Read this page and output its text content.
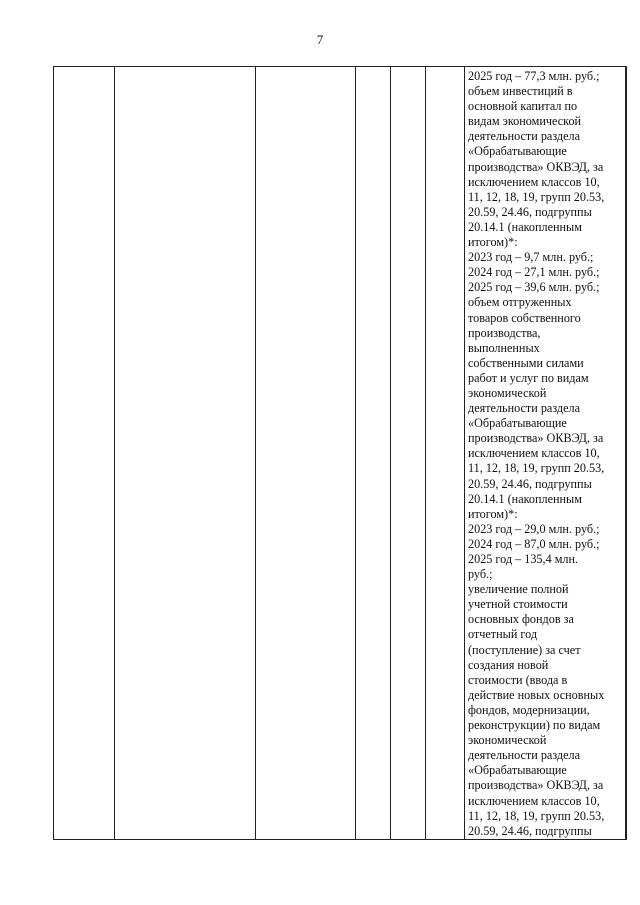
7

2025 год – 77,3 млн. руб.;
объем инвестиций в
основной капитал по
видам экономической
деятельности раздела
«Обрабатывающие
производства» ОКВЭД, за
исключением классов 10,
11, 12, 18, 19, групп 20.53,
20.59, 24.46, подгруппы
20.14.1 (накопленным
итогом)*:
2023 год – 9,7 млн. руб.;
2024 год – 27,1 млн. руб.;
2025 год – 39,6 млн. руб.;
объем отгруженных
товаров собственного
производства,
выполненных
собственными силами
работ и услуг по видам
экономической
деятельности раздела
«Обрабатывающие
производства» ОКВЭД, за
исключением классов 10,
11, 12, 18, 19, групп 20.53,
20.59, 24.46, подгруппы
20.14.1 (накопленным
итогом)*:
2023 год – 29,0 млн. руб.;
2024 год – 87,0 млн. руб.;
2025 год – 135,4 млн.
руб.;
увеличение полной
учетной стоимости
основных фондов за
отчетный год
(поступление) за счет
создания новой
стоимости (ввода в
действие новых основных
фондов, модернизации,
реконструкции) по видам
экономической
деятельности раздела
«Обрабатывающие
производства» ОКВЭД, за
исключением классов 10,
11, 12, 18, 19, групп 20.53,
20.59, 24.46, подгруппы
